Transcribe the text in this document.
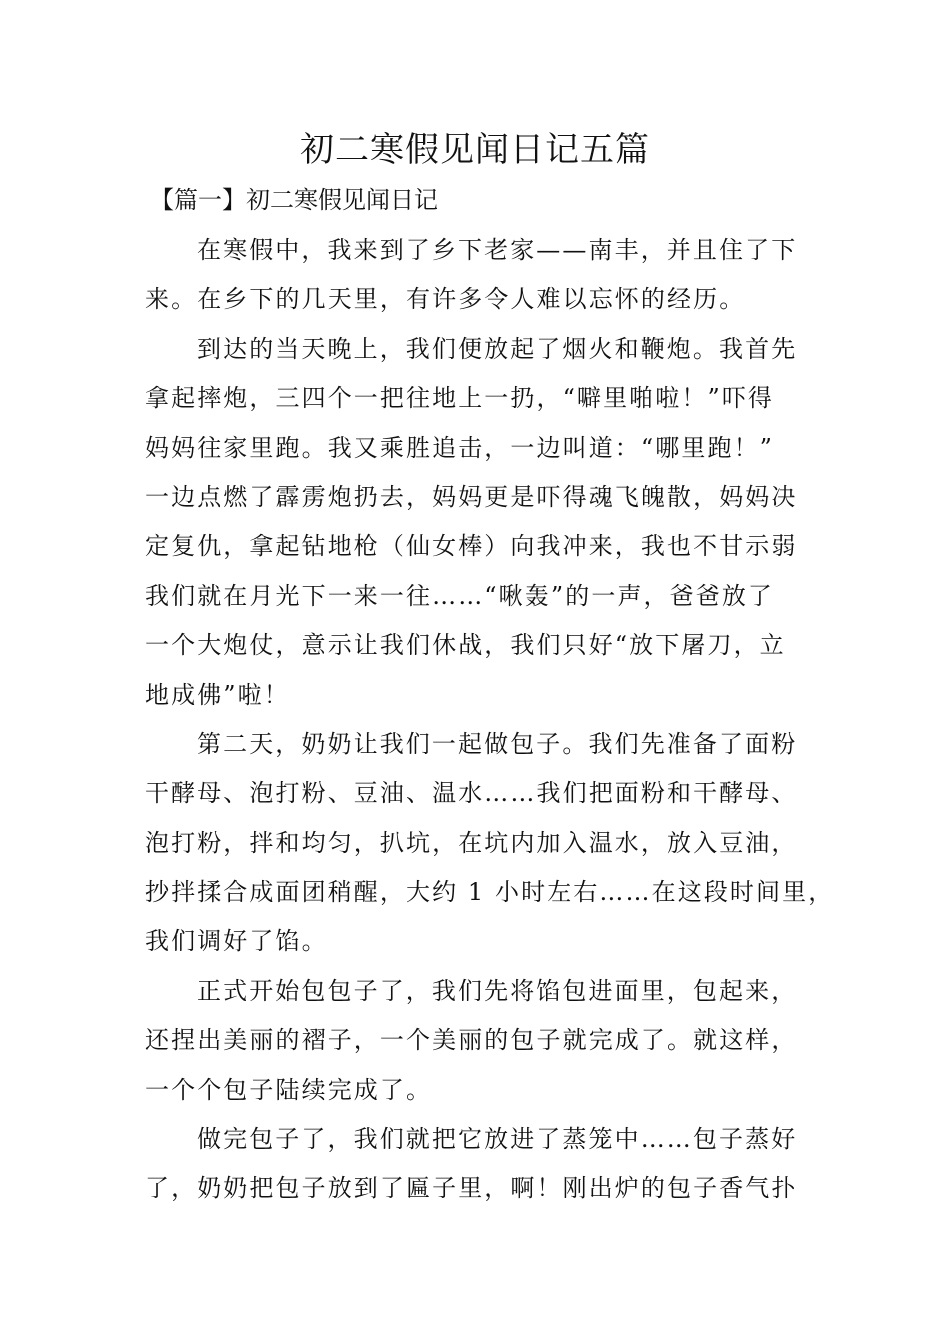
初二寒假见闻日记五篇
【篇一】初二寒假见闻日记

在寒假中，我来到了乡下老家——南丰，并且住了下
来。在乡下的几天里，有许多令人难以忘怀的经历。

到达的当天晚上，我们便放起了烟火和鞭炮。我首先
拿起摔炮，三四个一把往地上一扔，“噼里啪啦！”吓得
妈妈往家里跑。我又乘胜追击，一边叫道：“哪里跑！”
一边点燃了霹雳炮扔去，妈妈更是吓得魂飞魄散，妈妈决
定复仇，拿起钻地枪（仙女棒）向我冲来，我也不甘示弱
我们就在月光下一来一往……“啾轰”的一声，爸爸放了
一个大炮仗，意示让我们休战，我们只好“放下屠刀，立
地成佛”啦！

第二天，奶奶让我们一起做包子。我们先准备了面粉
干酵母、泡打粉、豆油、温水……我们把面粉和干酵母、
泡打粉，拌和均匀，扒坑，在坑内加入温水，放入豆油，
抄拌揉合成面团稍醒，大约 1 小时左右……在这段时间里，
我们调好了馅。

正式开始包包子了，我们先将馅包进面里，包起来，
还捏出美丽的褶子，一个美丽的包子就完成了。就这样，
一个个包子陆续完成了。

做完包子了，我们就把它放进了蒸笼中……包子蒸好
了，奶奶把包子放到了匾子里，啊！刚出炉的包子香气扑
